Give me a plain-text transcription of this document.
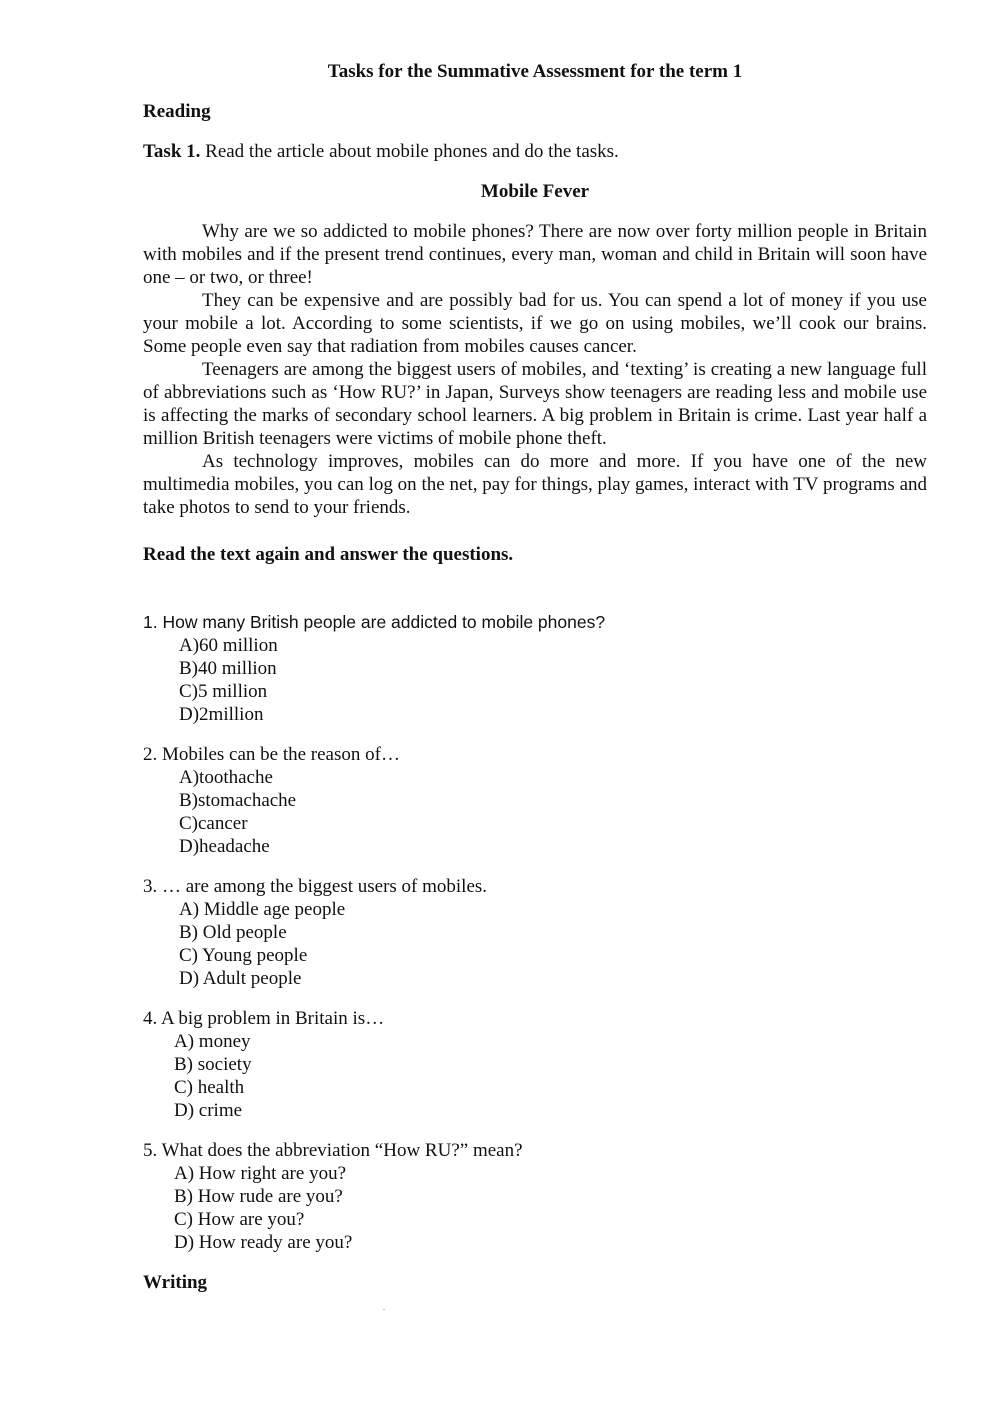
Tasks for the Summative Assessment for the term 1

Reading

Task 1. Read the article about mobile phones and do the tasks.

Mobile Fever

Why are we so addicted to mobile phones? There are now over forty million people in Britain with mobiles and if the present trend continues, every man, woman and child in Britain will soon have one – or two, or three!

They can be expensive and are possibly bad for us. You can spend a lot of money if you use your mobile a lot. According to some scientists, if we go on using mobiles, we’ll cook our brains. Some people even say that radiation from mobiles causes cancer.

Teenagers are among the biggest users of mobiles, and ‘texting’ is creating a new language full of abbreviations such as ‘How RU?’ in Japan, Surveys show teenagers are reading less and mobile use is affecting the marks of secondary school learners. A big problem in Britain is crime. Last year half a million British teenagers were victims of mobile phone theft.

As technology improves, mobiles can do more and more. If you have one of the new multimedia mobiles, you can log on the net, pay for things, play games, interact with TV programs and take photos to send to your friends.

Read the text again and answer the questions.

1. How many British people are addicted to mobile phones?
A)60 million
B)40 million
C)5 million
D)2million
2. Mobiles can be the reason of…
A)toothache
B)stomachache
C)cancer
D)headache
3. … are among the biggest users of mobiles.
A) Middle age people
B) Old people
C) Young people
D) Adult people
4. A big problem in Britain is…
A) money
B) society
C) health
D) crime
5. What does the abbreviation “How RU?” mean?
A) How right are you?
B) How rude are you?
C) How are you?
D) How ready are you?

Writing

.
